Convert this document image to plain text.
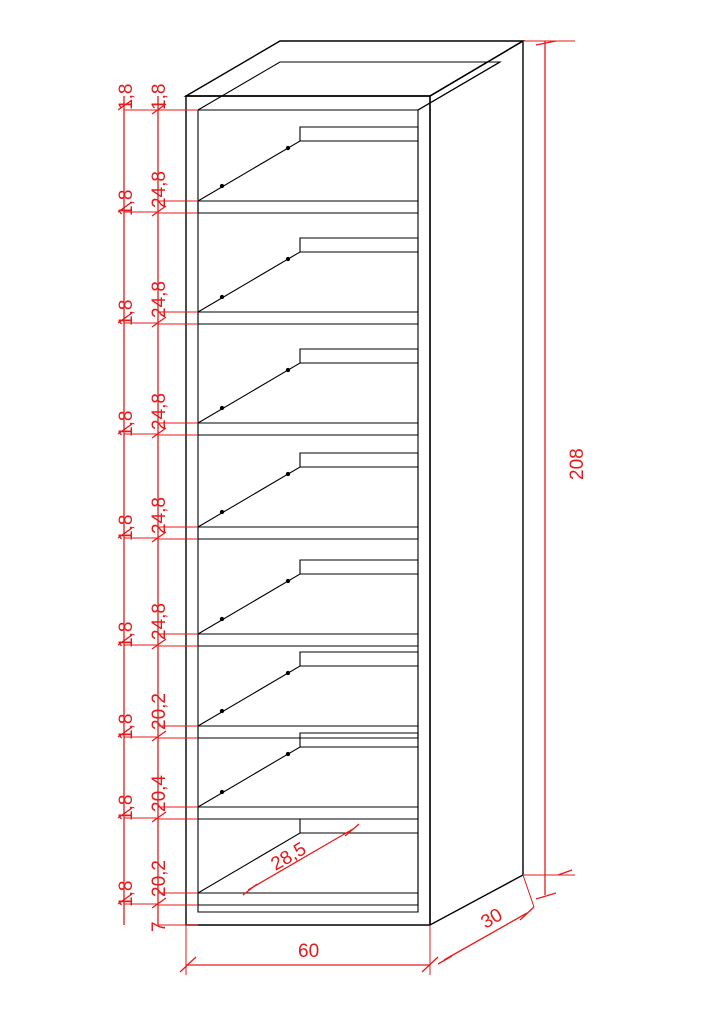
208
60
30
28,5
1,8
24,8
24,8
24,8
24,8
24,8
20,2
20,4
20,2
7
1,8
1,8
1,8
1,8
1,8
1,8
1,8
1,8
1,8
